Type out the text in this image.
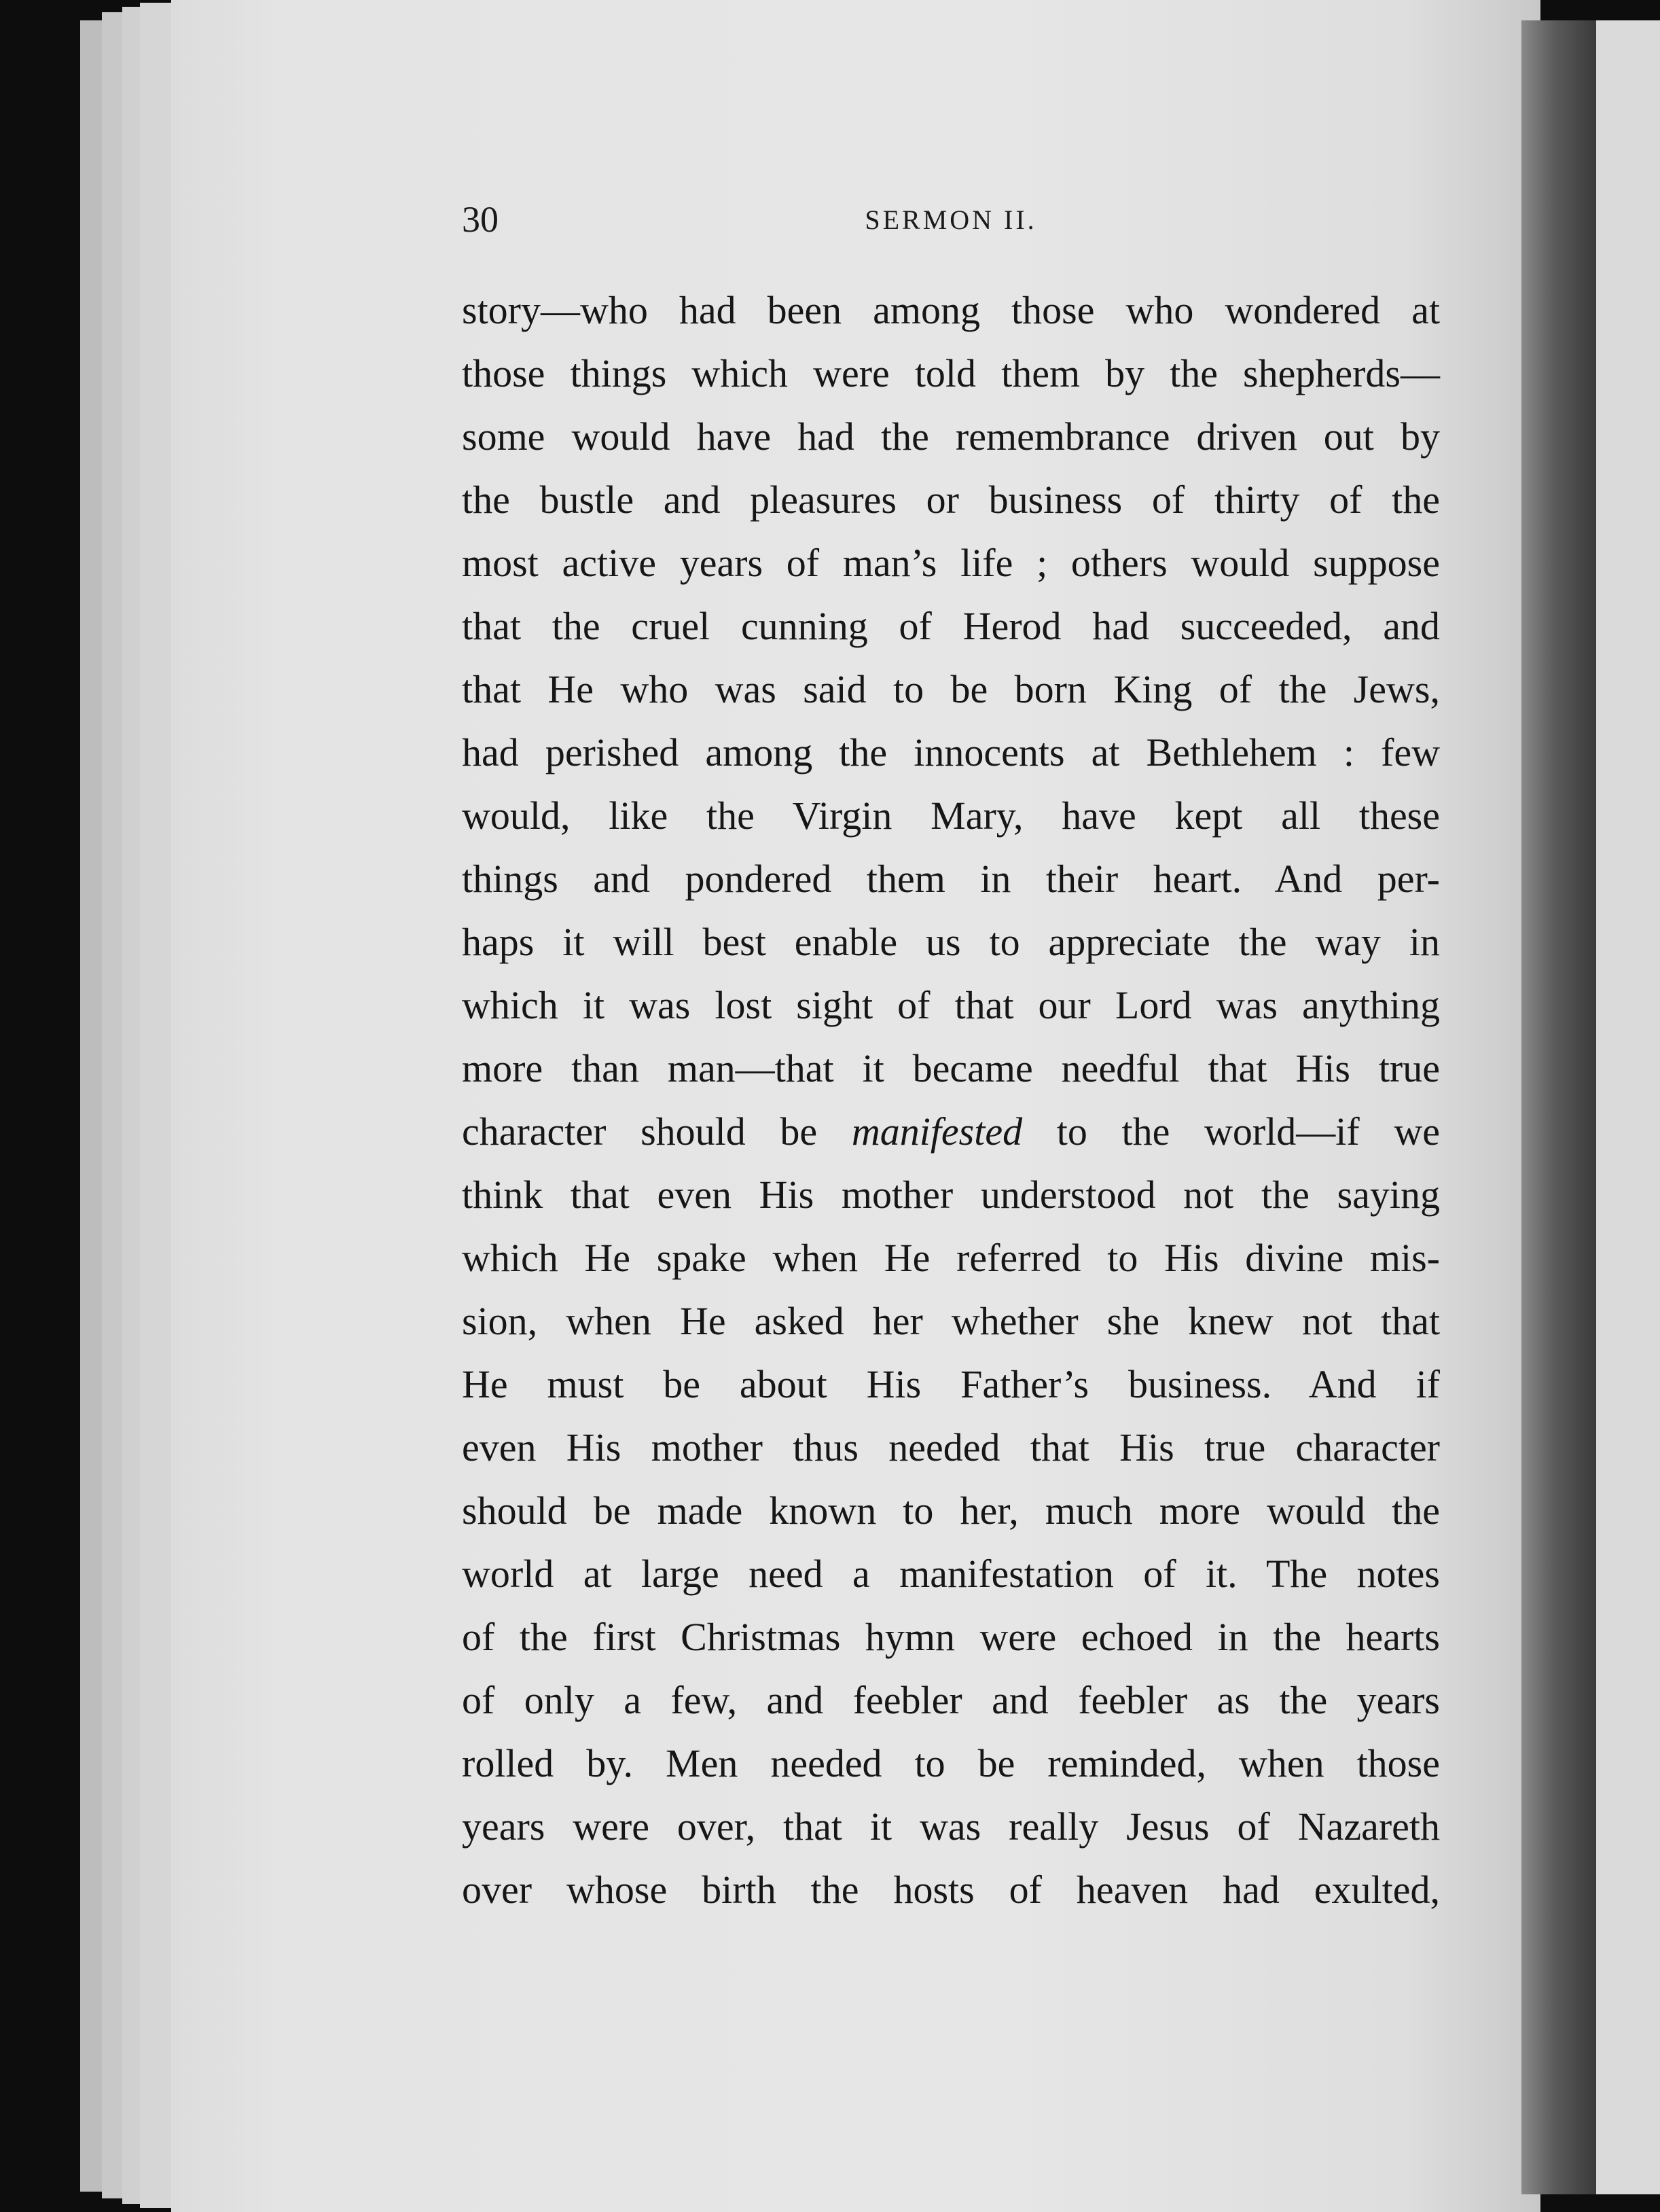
30	SERMON II.
story—who had been among those who wondered at
those things which were told them by the shepherds—
some would have had the remembrance driven out by
the bustle and pleasures or business of thirty of the
most active years of man’s life ; others would suppose
that the cruel cunning of Herod had succeeded, and
that He who was said to be born King of the Jews,
had perished among the innocents at Bethlehem : few
would, like the Virgin Mary, have kept all these
things and pondered them in their heart. And per-
haps it will best enable us to appreciate the way in
which it was lost sight of that our Lord was anything
more than man—that it became needful that His true
character should be manifested to the world—if we
think that even His mother understood not the saying
which He spake when He referred to His divine mis-
sion, when He asked her whether she knew not that
He must be about His Father’s business. And if
even His mother thus needed that His true character
should be made known to her, much more would the
world at large need a manifestation of it. The notes
of the first Christmas hymn were echoed in the hearts
of only a few, and feebler and feebler as the years
rolled by. Men needed to be reminded, when those
years were over, that it was really Jesus of Nazareth
over whose birth the hosts of heaven had exulted,
